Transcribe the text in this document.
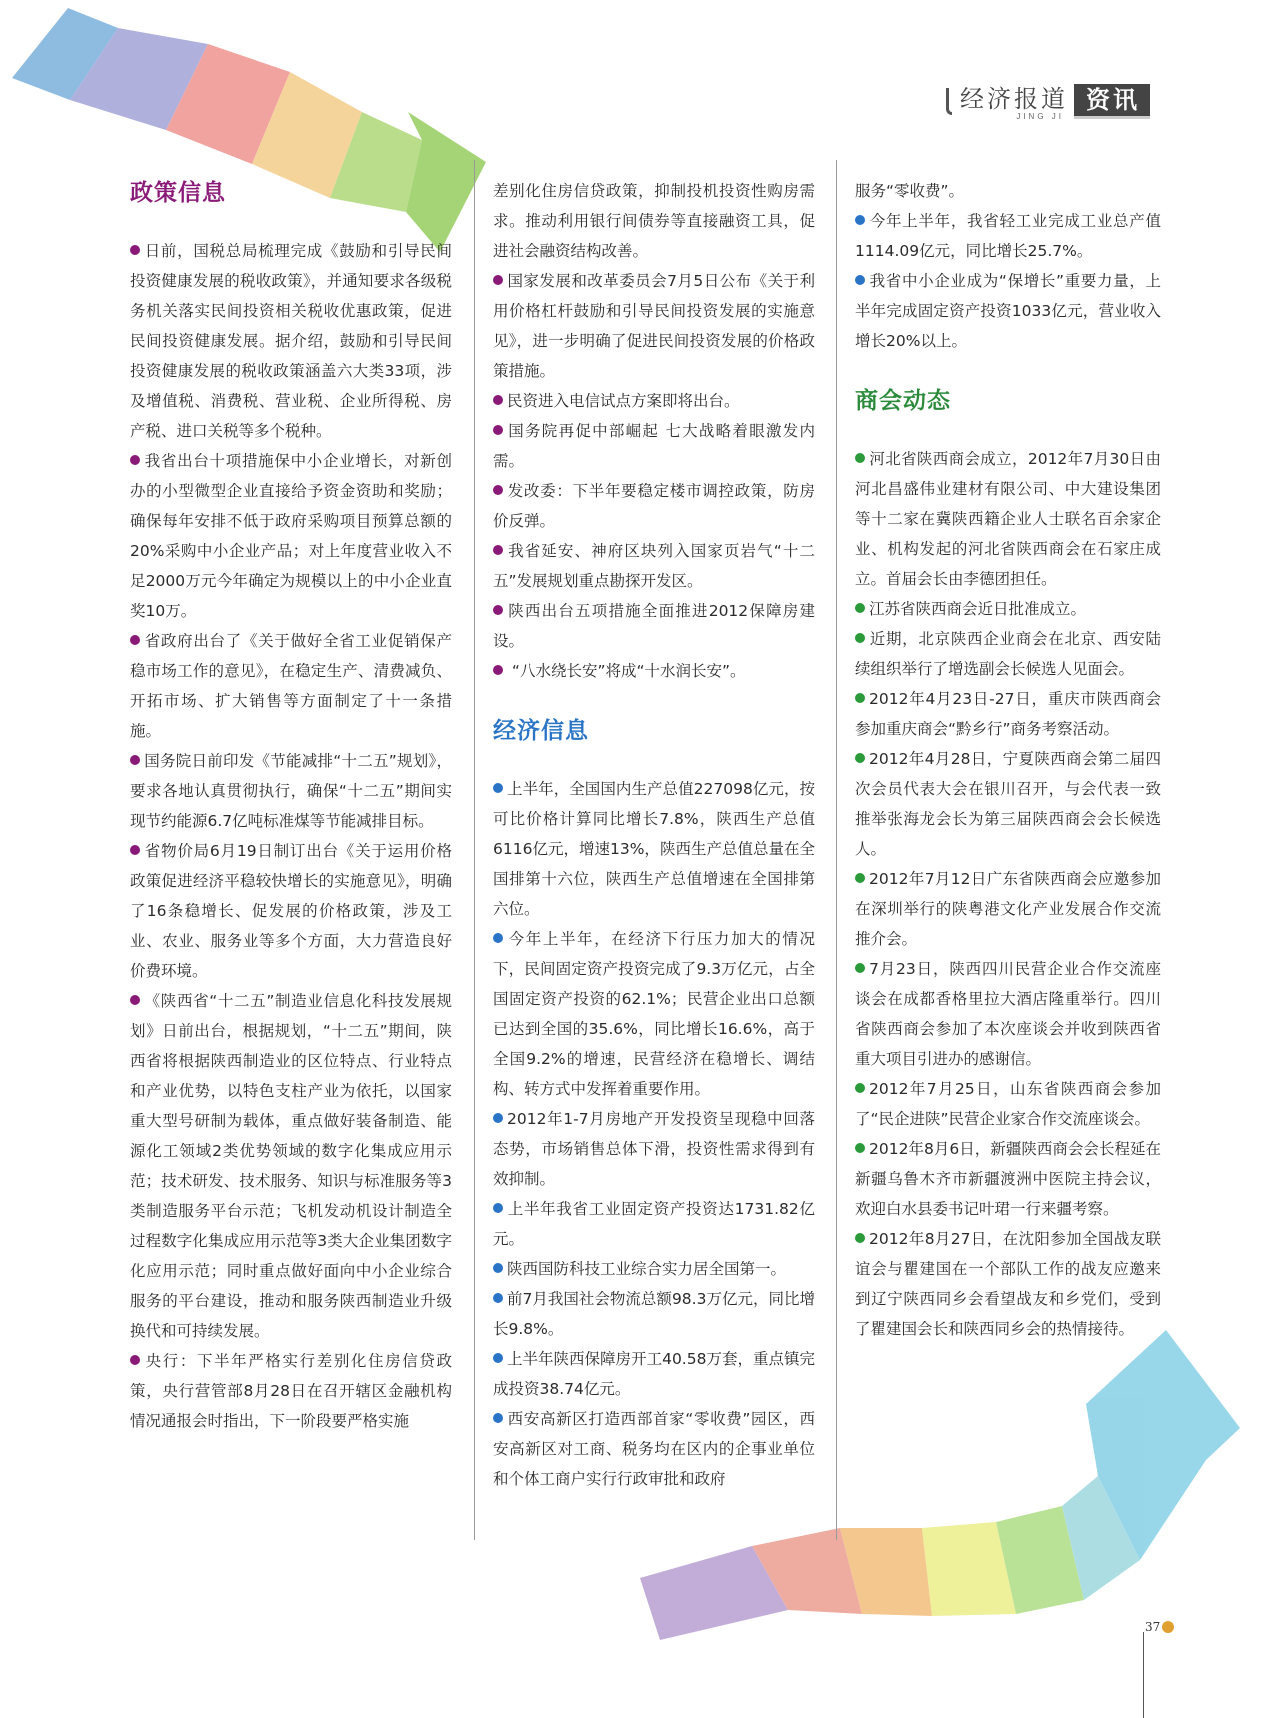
经济报道
JING JI
资讯
政策信息

日前，国税总局梳理完成《鼓励和引导民间投资健康发展的税收政策》，并通知要求各级税务机关落实民间投资相关税收优惠政策，促进民间投资健康发展。据介绍，鼓励和引导民间投资健康发展的税收政策涵盖六大类33项，涉及增值税、消费税、营业税、企业所得税、房产税、进口关税等多个税种。

我省出台十项措施保中小企业增长，对新创办的小型微型企业直接给予资金资助和奖励；确保每年安排不低于政府采购项目预算总额的20%采购中小企业产品；对上年度营业收入不足2000万元今年确定为规模以上的中小企业直奖10万。

省政府出台了《关于做好全省工业促销保产稳市场工作的意见》，在稳定生产、清费减负、开拓市场、扩大销售等方面制定了十一条措施。

国务院日前印发《节能减排“十二五”规划》，要求各地认真贯彻执行，确保“十二五”期间实现节约能源6.7亿吨标准煤等节能减排目标。

省物价局6月19日制订出台《关于运用价格政策促进经济平稳较快增长的实施意见》，明确了16条稳增长、促发展的价格政策，涉及工业、农业、服务业等多个方面，大力营造良好价费环境。

《陕西省“十二五”制造业信息化科技发展规划》日前出台，根据规划，“十二五”期间，陕西省将根据陕西制造业的区位特点、行业特点和产业优势，以特色支柱产业为依托，以国家重大型号研制为载体，重点做好装备制造、能源化工领域2类优势领域的数字化集成应用示范；技术研发、技术服务、知识与标准服务等3类制造服务平台示范；飞机发动机设计制造全过程数字化集成应用示范等3类大企业集团数字化应用示范；同时重点做好面向中小企业综合服务的平台建设，推动和服务陕西制造业升级换代和可持续发展。

央行：下半年严格实行差别化住房信贷政策，央行营管部8月28日在召开辖区金融机构情况通报会时指出，下一阶段要严格实施

差别化住房信贷政策，抑制投机投资性购房需求。推动利用银行间债券等直接融资工具，促进社会融资结构改善。

国家发展和改革委员会7月5日公布《关于利用价格杠杆鼓励和引导民间投资发展的实施意见》，进一步明确了促进民间投资发展的价格政策措施。

民资进入电信试点方案即将出台。

国务院再促中部崛起 七大战略着眼激发内需。

发改委：下半年要稳定楼市调控政策，防房价反弹。

我省延安、神府区块列入国家页岩气“十二五”发展规划重点勘探开发区。

陕西出台五项措施全面推进2012保障房建设。

“八水绕长安”将成“十水润长安”。

经济信息

上半年，全国国内生产总值227098亿元，按可比价格计算同比增长7.8%，陕西生产总值6116亿元，增速13%，陕西生产总值总量在全国排第十六位，陕西生产总值增速在全国排第六位。

今年上半年，在经济下行压力加大的情况下，民间固定资产投资完成了9.3万亿元，占全国固定资产投资的62.1%；民营企业出口总额已达到全国的35.6%，同比增长16.6%，高于全国9.2%的增速，民营经济在稳增长、调结构、转方式中发挥着重要作用。

2012年1-7月房地产开发投资呈现稳中回落态势，市场销售总体下滑，投资性需求得到有效抑制。

上半年我省工业固定资产投资达1731.82亿元。

陕西国防科技工业综合实力居全国第一。

前7月我国社会物流总额98.3万亿元，同比增长9.8%。

上半年陕西保障房开工40.58万套，重点镇完成投资38.74亿元。

西安高新区打造西部首家“零收费”园区，西安高新区对工商、税务均在区内的企事业单位和个体工商户实行行政审批和政府

服务“零收费”。

今年上半年，我省轻工业完成工业总产值1114.09亿元，同比增长25.7%。

我省中小企业成为“保增长”重要力量，上半年完成固定资产投资1033亿元，营业收入增长20%以上。

商会动态

河北省陕西商会成立，2012年7月30日由河北昌盛伟业建材有限公司、中大建设集团等十二家在冀陕西籍企业人士联名百余家企业、机构发起的河北省陕西商会在石家庄成立。首届会长由李德团担任。

江苏省陕西商会近日批准成立。

近期，北京陕西企业商会在北京、西安陆续组织举行了增选副会长候选人见面会。

2012年4月23日-27日，重庆市陕西商会参加重庆商会“黔乡行”商务考察活动。

2012年4月28日，宁夏陕西商会第二届四次会员代表大会在银川召开，与会代表一致推举张海龙会长为第三届陕西商会会长候选人。

2012年7月12日广东省陕西商会应邀参加在深圳举行的陕粤港文化产业发展合作交流推介会。

7月23日，陕西四川民营企业合作交流座谈会在成都香格里拉大酒店隆重举行。四川省陕西商会参加了本次座谈会并收到陕西省重大项目引进办的感谢信。

2012年7月25日，山东省陕西商会参加了“民企进陕”民营企业家合作交流座谈会。

2012年8月6日，新疆陕西商会会长程延在新疆乌鲁木齐市新疆渡洲中医院主持会议，欢迎白水县委书记叶珺一行来疆考察。

2012年8月27日，在沈阳参加全国战友联谊会与瞿建国在一个部队工作的战友应邀来到辽宁陕西同乡会看望战友和乡党们，受到了瞿建国会长和陕西同乡会的热情接待。

37
